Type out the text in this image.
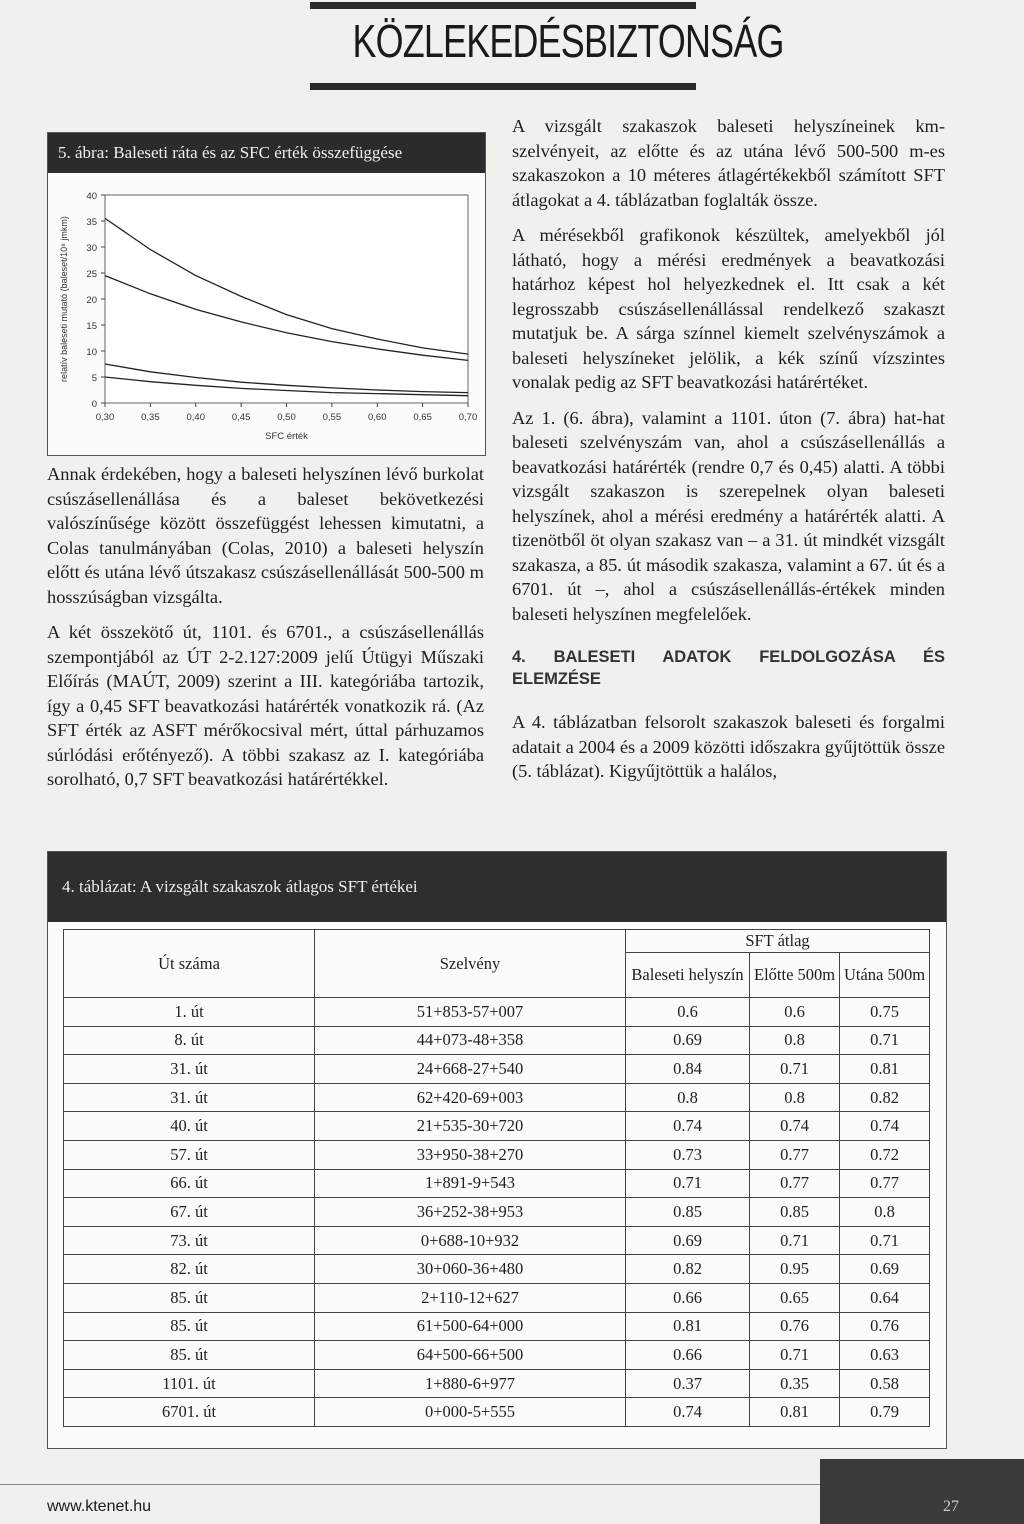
KÖZLEKEDÉSBIZTONSÁG
5. ábra: Baleseti ráta és az SFC érték összefüggése
0
5
10
15
20
25
30
35
40
0,30	0,35	0,40	0,45	0,50	0,55	0,60	0,65	0,70
SFC érték
relatív baleseti mutató (baleset/10⁸ jmkm)

Annak érdekében, hogy a baleseti helyszínen lévő burkolat csúszásellenállása és a baleset bekövetkezési valószínűsége között összefüggést lehessen kimutatni, a Colas tanulmányában (Colas, 2010) a baleseti helyszín előtt és utána lévő útszakasz csúszásellenállását 500-500 m hosszúságban vizsgálta.

A két összekötő út, 1101. és 6701., a csúszásellenállás szempontjából az ÚT 2-2.127:2009 jelű Útügyi Műszaki Előírás (MAÚT, 2009) szerint a III. kategóriába tartozik, így a 0,45 SFT beavatkozási határérték vonatkozik rá. (Az SFT érték az ASFT mérőkocsival mért, úttal párhuzamos súrlódási erőtényező). A többi szakasz az I. kategóriába sorolható, 0,7 SFT beavatkozási határértékkel.

A vizsgált szakaszok baleseti helyszíneinek km-szelvényeit, az előtte és az utána lévő 500-500 m-es szakaszokon a 10 méteres átlagértékekből számított SFT átlagokat a 4. táblázatban foglalták össze.

A mérésekből grafikonok készültek, amelyekből jól látható, hogy a mérési eredmények a beavatkozási határhoz képest hol helyezkednek el. Itt csak a két legrosszabb csúszásellenállással rendelkező szakaszt mutatjuk be. A sárga színnel kiemelt szelvényszámok a baleseti helyszíneket jelölik, a kék színű vízszintes vonalak pedig az SFT beavatkozási határértéket.

Az 1. (6. ábra), valamint a 1101. úton (7. ábra) hat-hat baleseti szelvényszám van, ahol a csúszásellenállás a beavatkozási határérték (rendre 0,7 és 0,45) alatti. A többi vizsgált szakaszon is szerepelnek olyan baleseti helyszínek, ahol a mérési eredmény a határérték alatti. A tizenötből öt olyan szakasz van – a 31. út mindkét vizsgált szakasza, a 85. út második szakasza, valamint a 67. út és a 6701. út –, ahol a csúszásellenállás-értékek minden baleseti helyszínen megfelelőek.

4. BALESETI ADATOK FELDOLGOZÁSA ÉS ELEMZÉSE

A 4. táblázatban felsorolt szakaszok baleseti és forgalmi adatait a 2004 és a 2009 közötti időszakra gyűjtöttük össze (5. táblázat). Kigyűjtöttük a halálos,

4. táblázat: A vizsgált szakaszok átlagos SFT értékei
Út száma	Szelvény	SFT átlag		
		Baleseti helyszín	Előtte 500m	Utána 500m
1. út	51+853-57+007	0.6	0.6	0.75
8. út	44+073-48+358	0.69	0.8	0.71
31. út	24+668-27+540	0.84	0.71	0.81
31. út	62+420-69+003	0.8	0.8	0.82
40. út	21+535-30+720	0.74	0.74	0.74
57. út	33+950-38+270	0.73	0.77	0.72
66. út	1+891-9+543	0.71	0.77	0.77
67. út	36+252-38+953	0.85	0.85	0.8
73. út	0+688-10+932	0.69	0.71	0.71
82. út	30+060-36+480	0.82	0.95	0.69
85. út	2+110-12+627	0.66	0.65	0.64
85. út	61+500-64+000	0.81	0.76	0.76
85. út	64+500-66+500	0.66	0.71	0.63
1101. út	1+880-6+977	0.37	0.35	0.58
6701. út	0+000-5+555	0.74	0.81	0.79
www.ktenet.hu	27
